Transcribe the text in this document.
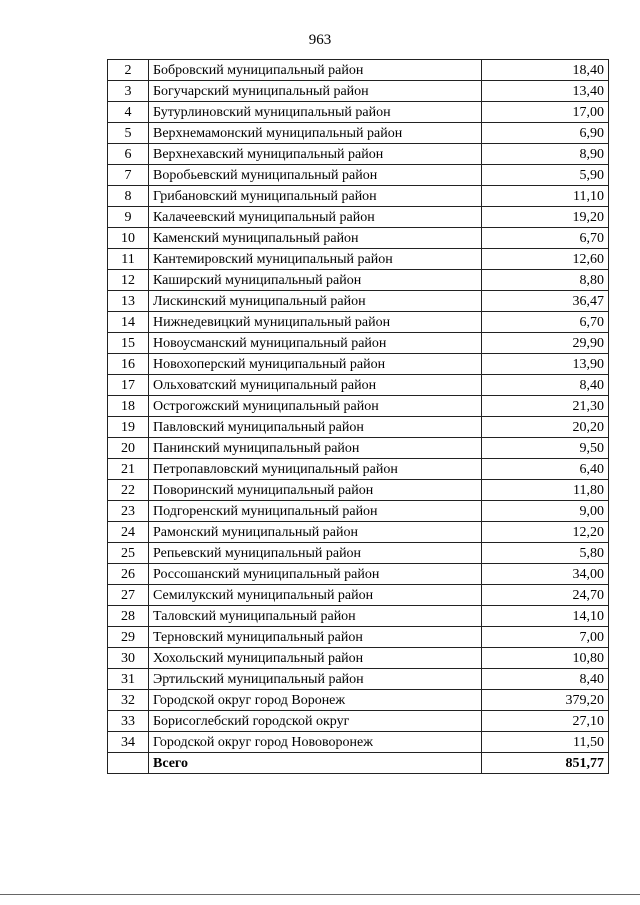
963
2	Бобровский муниципальный район	18,40
3	Богучарский муниципальный район	13,40
4	Бутурлиновский муниципальный район	17,00
5	Верхнемамонский муниципальный район	6,90
6	Верхнехавский муниципальный район	8,90
7	Воробьевский муниципальный район	5,90
8	Грибановский муниципальный район	11,10
9	Калачеевский муниципальный район	19,20
10	Каменский муниципальный район	6,70
11	Кантемировский муниципальный район	12,60
12	Каширский муниципальный район	8,80
13	Лискинский муниципальный район	36,47
14	Нижнедевицкий муниципальный район	6,70
15	Новоусманский муниципальный район	29,90
16	Новохоперский муниципальный район	13,90
17	Ольховатский муниципальный район	8,40
18	Острогожский муниципальный район	21,30
19	Павловский муниципальный район	20,20
20	Панинский муниципальный район	9,50
21	Петропавловский муниципальный район	6,40
22	Поворинский муниципальный район	11,80
23	Подгоренский муниципальный район	9,00
24	Рамонский муниципальный район	12,20
25	Репьевский муниципальный район	5,80
26	Россошанский муниципальный район	34,00
27	Семилукский муниципальный район	24,70
28	Таловский муниципальный район	14,10
29	Терновский муниципальный район	7,00
30	Хохольский муниципальный район	10,80
31	Эртильский муниципальный район	8,40
32	Городской округ город Воронеж	379,20
33	Борисоглебский городской округ	27,10
34	Городской округ город Нововоронеж	11,50
	Всего	851,77
